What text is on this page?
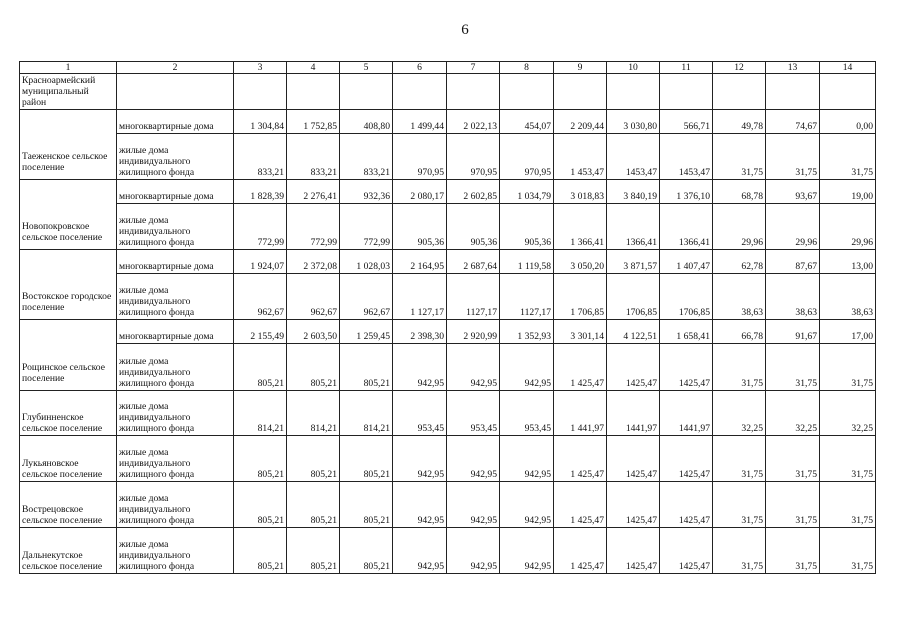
6
1	2	3	4	5	6	7	8	9	10	11	12	13	14
Красноармейский муниципальный район													
Таеженское сельское поселение	многоквартирные дома	1 304,84	1 752,85	408,80	1 499,44	2 022,13	454,07	2 209,44	3 030,80	566,71	49,78	74,67	0,00
	жилые дома индивидуального жилищного фонда	833,21	833,21	833,21	970,95	970,95	970,95	1 453,47	1453,47	1453,47	31,75	31,75	31,75
Новопокровское сельское поселение	многоквартирные дома	1 828,39	2 276,41	932,36	2 080,17	2 602,85	1 034,79	3 018,83	3 840,19	1 376,10	68,78	93,67	19,00
	жилые дома индивидуального жилищного фонда	772,99	772,99	772,99	905,36	905,36	905,36	1 366,41	1366,41	1366,41	29,96	29,96	29,96
Востокское городское поселение	многоквартирные дома	1 924,07	2 372,08	1 028,03	2 164,95	2 687,64	1 119,58	3 050,20	3 871,57	1 407,47	62,78	87,67	13,00
	жилые дома индивидуального жилищного фонда	962,67	962,67	962,67	1 127,17	1127,17	1127,17	1 706,85	1706,85	1706,85	38,63	38,63	38,63
Рощинское сельское поселение	многоквартирные дома	2 155,49	2 603,50	1 259,45	2 398,30	2 920,99	1 352,93	3 301,14	4 122,51	1 658,41	66,78	91,67	17,00
	жилые дома индивидуального жилищного фонда	805,21	805,21	805,21	942,95	942,95	942,95	1 425,47	1425,47	1425,47	31,75	31,75	31,75
Глубинненское сельское поселение	жилые дома индивидуального жилищного фонда	814,21	814,21	814,21	953,45	953,45	953,45	1 441,97	1441,97	1441,97	32,25	32,25	32,25
Лукьяновское сельское поселение	жилые дома индивидуального жилищного фонда	805,21	805,21	805,21	942,95	942,95	942,95	1 425,47	1425,47	1425,47	31,75	31,75	31,75
Вострецовское сельское поселение	жилые дома индивидуального жилищного фонда	805,21	805,21	805,21	942,95	942,95	942,95	1 425,47	1425,47	1425,47	31,75	31,75	31,75
Дальнекутское сельское поселение	жилые дома индивидуального жилищного фонда	805,21	805,21	805,21	942,95	942,95	942,95	1 425,47	1425,47	1425,47	31,75	31,75	31,75
